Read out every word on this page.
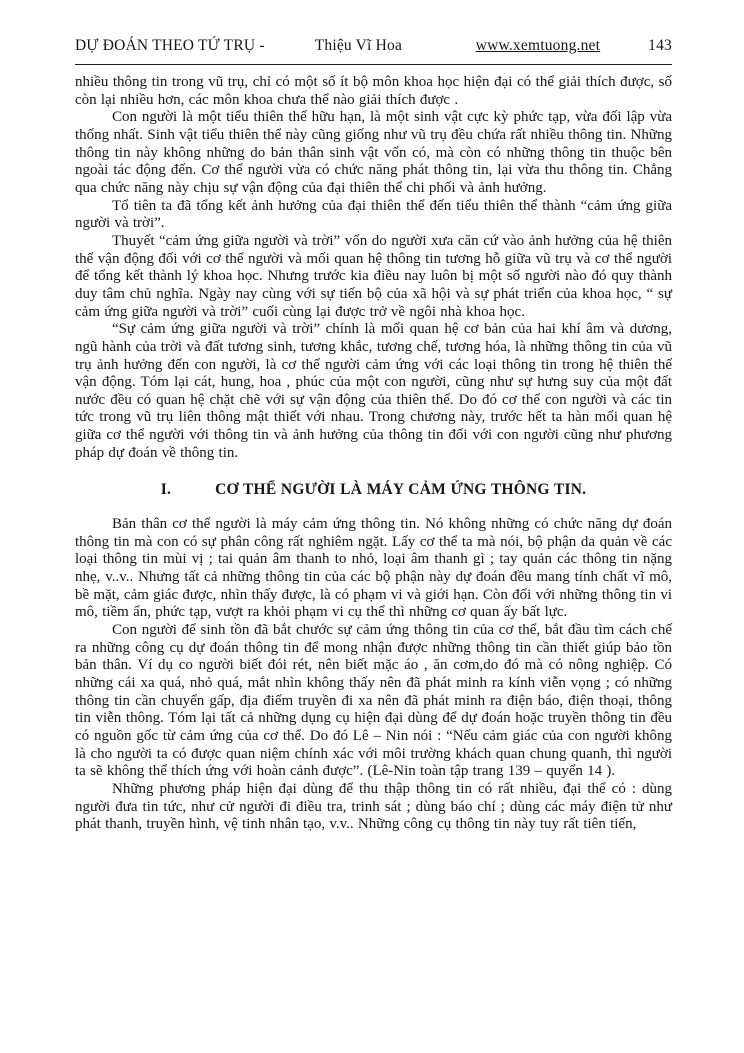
DỰ ĐOÁN THEO TỨ TRỤ -	Thiệu Vĩ Hoa	www.xemtuong.net	143

nhiều thông tin trong vũ trụ, chỉ có một số ít bộ môn khoa học hiện đại có thể giải thích được, số còn lại nhiều hơn, các môn khoa chưa thể nào giải thích được .

Con người là một tiểu thiên thể hữu hạn, là một sinh vật cực kỳ phức tạp, vừa đối lập vừa thống nhất. Sinh vật tiểu thiên thể này cũng giống như vũ trụ đều chứa rất nhiều thông tin. Những thông tin này không những do bản thân sinh vật vốn có, mà còn có những thông tin thuộc bên ngoài tác động đến. Cơ thể người vừa có chức năng phát thông tin, lại vừa thu thông tin. Chẳng qua chức năng này chịu sự vận động của đại thiên thể chi phối và ảnh hưởng.

Tổ tiên ta đã tổng kết ảnh hưởng của đại thiên thể đến tiểu thiên thể thành “cảm ứng giữa người và trời”.

Thuyết “cảm ứng giữa người và trời” vốn do người xưa căn cứ vào ảnh hưởng của hệ thiên thể vận động đối với cơ thể người và mối quan hệ thông tin tương hỗ giữa vũ trụ và cơ thể người để tổng kết thành lý khoa học. Nhưng trước kia điều nay luôn bị một số người nào đó quy thành duy tâm chủ nghĩa. Ngày nay cùng với sự tiến bộ của xã hội và sự phát triển của khoa học, “ sự cảm ứng giữa người và trời” cuối cùng lại được trở về ngôi nhà khoa học.

“Sự cảm ứng giữa người và trời” chính là mối quan hệ cơ bản của hai khí âm và dương, ngũ hành của trời và đất tương sinh, tương khắc, tương chế, tương hóa, là những thông tin của vũ trụ ảnh hưởng đến con người, là cơ thể người cảm ứng với các loại thông tin trong hệ thiên thể vận động. Tóm lại cát, hung, hoa , phúc của một con người, cũng như sự hưng suy của một đất nước đều có quan hệ chặt chẽ với sự vận động của thiên thể. Do đó cơ thể con người và các tin tức trong vũ trụ liên thông mật thiết với nhau. Trong chương này, trước hết ta hàn mối quan hệ giữa cơ thể người với thông tin và ảnh hưởng của thông tin đối với con người cũng như phương pháp dự đoán về thông tin.

I.	CƠ THỂ NGƯỜI LÀ MÁY CẢM ỨNG THÔNG TIN.

Bản thân cơ thể người là máy cảm ứng thông tin. Nó không những có chức năng dự đoán thông tin mà con có sự phân công rất nghiêm ngặt. Lấy cơ thể ta mà nói, bộ phận da quản về các loại thông tin mùi vị ; tai quản âm thanh to nhỏ, loại âm thanh gì ; tay quản các thông tin nặng nhẹ, v..v.. Nhưng tất cả những thông tin của các bộ phận này dự đoán đều mang tính chất vĩ mô, bề mặt, cảm giác được, nhìn thấy được, là có phạm vi và giới hạn. Còn đối với những thông tin vi mô, tiềm ẩn, phức tạp, vượt ra khỏi phạm vi cụ thể thì những cơ quan ấy bất lực.

Con người để sinh tồn đã bắt chước sự cảm ứng thông tin của cơ thể, bắt đầu tìm cách chế ra những công cụ dự đoán thông tin để mong nhận được những thông tin cần thiết giúp bảo tồn bản thân. Ví dụ co người biết đói rét, nên biết mặc áo , ăn cơm,do đó mà có nông nghiệp. Có những cái xa quá, nhỏ quá, mắt nhìn không thấy nên đã phát minh ra kính viễn vọng ; có những thông tin cần chuyển gấp, địa điểm truyền đi xa nên đã phát minh ra điện báo, điện thoại, thông tin viễn thông. Tóm lại tất cả những dụng cụ hiện đại dùng để dự đoán hoặc truyền thông tin đều có nguồn gốc từ cảm ứng của cơ thể. Do đó Lê – Nin nói : “Nếu cảm giác của con người không là cho người ta có được quan niệm chính xác với môi trường khách quan chung quanh, thì người ta sẽ không thể thích ứng với hoàn cảnh được”. (Lê-Nin toàn tập trang 139 – quyển 14 ).

Những phương pháp hiện đại dùng để thu thập thông tin có rất nhiều, đại thể có : dùng người đưa tin tức, như cử người đi điều tra, trinh sát ; dùng báo chí ; dùng các máy điện tử như phát thanh, truyền hình, vệ tinh nhân tạo, v.v.. Những công cụ thông tin này tuy rất tiên tiến,
